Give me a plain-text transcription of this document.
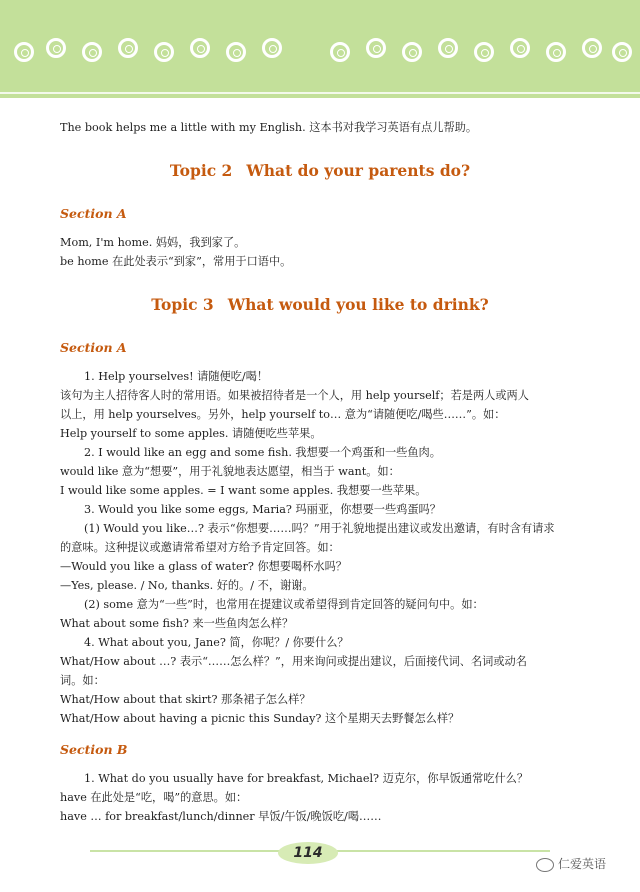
The book helps me a little with my English. 这本书对我学习英语有点儿帮助。
Topic 2 What do your parents do?
Section A
Mom, I'm home. 妈妈，我到家了。
be home 在此处表示“到家”，常用于口语中。
Topic 3 What would you like to drink?
Section A
1. Help yourselves! 请随便吃/喝！
该句为主人招待客人时的常用语。如果被招待者是一个人，用 help yourself；若是两人或两人
以上，用 help yourselves。另外，help yourself to… 意为“请随便吃/喝些……”。如：
Help yourself to some apples. 请随便吃些苹果。
2. I would like an egg and some fish. 我想要一个鸡蛋和一些鱼肉。
would like 意为“想要”，用于礼貌地表达愿望，相当于 want。如：
I would like some apples. = I want some apples. 我想要一些苹果。
3. Would you like some eggs, Maria? 玛丽亚，你想要一些鸡蛋吗？
(1) Would you like…? 表示“你想要……吗？”用于礼貌地提出建议或发出邀请，有时含有请求
的意味。这种提议或邀请常希望对方给予肯定回答。如：
—Would you like a glass of water? 你想要喝杯水吗？
—Yes, please. / No, thanks. 好的。/ 不，谢谢。
(2) some 意为“一些”时，也常用在提建议或希望得到肯定回答的疑问句中。如：
What about some fish? 来一些鱼肉怎么样？
4. What about you, Jane? 简，你呢？/ 你要什么？
What/How about …? 表示“……怎么样？”，用来询问或提出建议，后面接代词、名词或动名
词。如：
What/How about that skirt? 那条裙子怎么样？
What/How about having a picnic this Sunday? 这个星期天去野餐怎么样？
Section B
1. What do you usually have for breakfast, Michael? 迈克尔，你早饭通常吃什么？
have 在此处是“吃，喝”的意思。如：
have … for breakfast/lunch/dinner 早饭/午饭/晚饭吃/喝……
114
仁爱英语
